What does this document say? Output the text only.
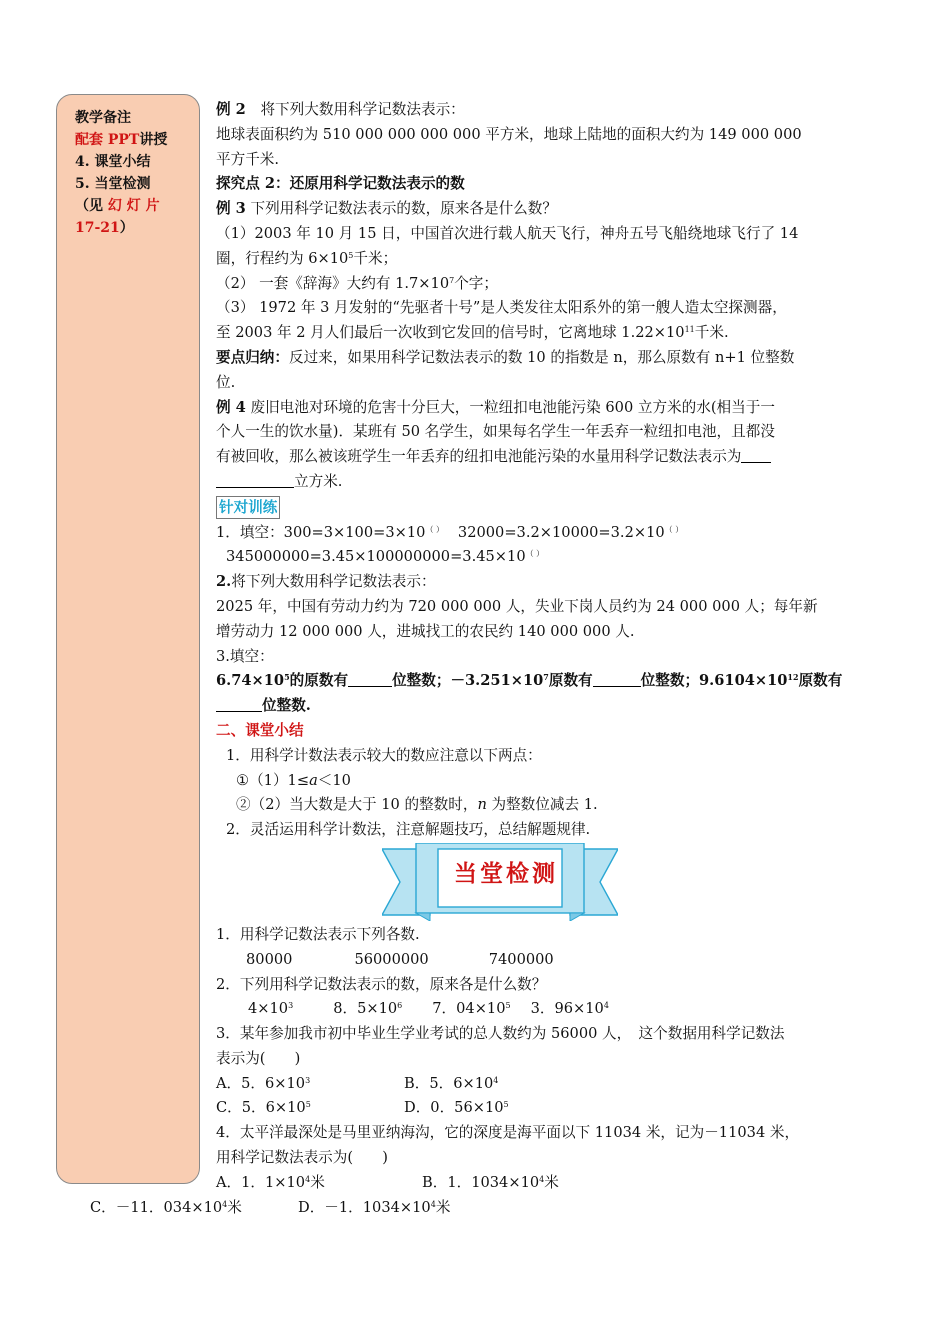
教学备注
配套 PPT讲授
4. 课堂小结
5. 当堂检测
（见 幻 灯 片
17-21）

例 2　将下列大数用科学记数法表示：

地球表面积约为 510 000 000 000 000 平方米，地球上陆地的面积大约为 149 000 000

平方千米.

探究点 2：还原用科学记数法表示的数

例 3 下列用科学记数法表示的数，原来各是什么数？

（1）2003 年 10 月 15 日，中国首次进行载人航天飞行，神舟五号飞船绕地球飞行了 14

圈，行程约为 $6\times 10^5$千米；

（2） 一套《辞海》大约有 $1.7\times 10^7$个字；

（3） 1972 年 3 月发射的“先驱者十号”是人类发往太阳系外的第一艘人造太空探测器，

至 2003 年 2 月人们最后一次收到它发回的信号时，它离地球 $1.22\times 10^{11}$千米.

要点归纳：反过来，如果用科学记数法表示的数 10 的指数是 n，那么原数有 n+1 位整数

位.

例 4 废旧电池对环境的危害十分巨大，一粒纽扣电池能污染 600 立方米的水(相当于一

个人一生的饮水量)．某班有 50 名学生，如果每名学生一年丢弃一粒纽扣电池，且都没

有被回收，那么被该班学生一年丢弃的纽扣电池能污染的水量用科学记数法表示为

立方米.

针对训练

1．填空：300=3×100=3×10（ ） 32000=3.2×10000=3.2×10（ ）

345000000=3.45×100000000=3.45×10（ ）

2.将下列大数用科学记数法表示：

2025 年，中国有劳动力约为 720 000 000 人，失业下岗人员约为 24 000 000 人；每年新

增劳动力 12 000 000 人，进城找工的农民约 140 000 000 人.

3.填空：

$6.74\times 10^5$的原数有	位整数；$-3.251\times 10^7$原数有	位整数；$9.6104\times 10^{12}$原数有

位整数.

二、课堂小结

1．用科学计数法表示较大的数应注意以下两点：

①（1）1≤a＜10

②（2）当大数是大于 10 的整数时，n 为整数位减去 1.

2．灵活运用科学计数法，注意解题技巧，总结解题规律.

当堂检测

1．用科学记数法表示下列各数.

80000	56000000	7400000

2．下列用科学记数法表示的数，原来各是什么数？

$4\times 10^3$	8．$5\times 10^6$ 7．$04\times 10^5$ 3．$96\times 10^4$

3．某年参加我市初中毕业生学业考试的总人数约为 56000 人，　这个数据用科学记数法

表示为(　　)

A．5．$6\times 10^3$	B．5．$6\times 10^4$

C．5．$6\times 10^5$	D．0．$56\times 10^5$

4．太平洋最深处是马里亚纳海沟，它的深度是海平面以下 11034 米，记为－11034 米，

用科学记数法表示为(　　)

A．1．$1\times 10^4$米	B．1．$1034\times 10^4$米

C．－11．$034\times 10^4$米	D．－1．$1034\times 10^4$米
